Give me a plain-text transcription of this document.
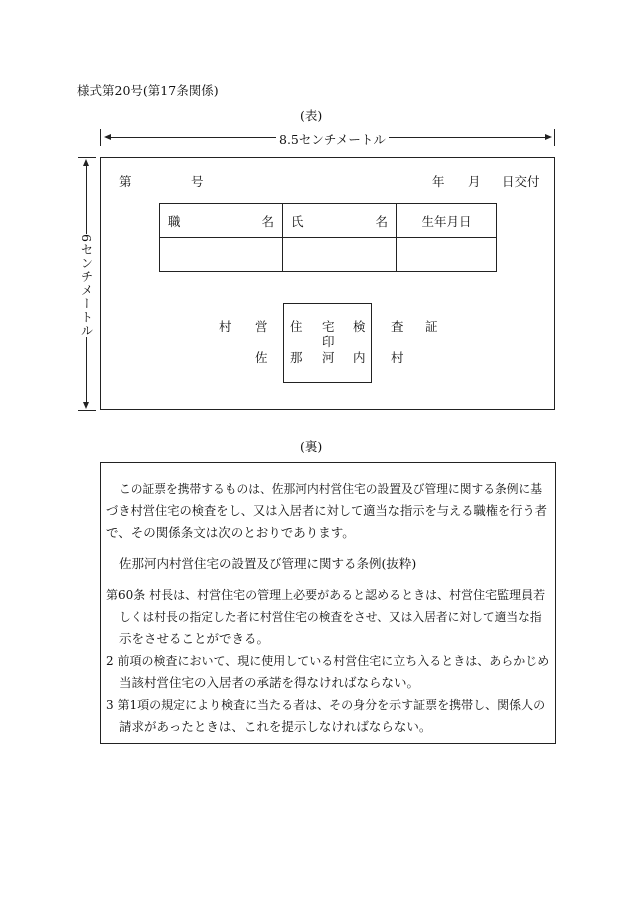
様式第20号(第17条関係)
(表)
8.5センチメートル
6センチメートル
第	号	年 月 日交付
職 名	氏 名	生年月日

村 営 住 宅 検 査 証
印
佐 那 河 内 村
(裏)
この証票を携帯するものは、佐那河内村営住宅の設置及び管理に関する条例に基
づき村営住宅の検査をし、又は入居者に対して適当な指示を与える職権を行う者
で、その関係条文は次のとおりであります。
佐那河内村営住宅の設置及び管理に関する条例(抜粋)
第60条 村長は、村営住宅の管理上必要があると認めるときは、村営住宅監理員若
しくは村長の指定した者に村営住宅の検査をさせ、又は入居者に対して適当な指
示をさせることができる。
2 前項の検査において、現に使用している村営住宅に立ち入るときは、あらかじめ
当該村営住宅の入居者の承諾を得なければならない。
3 第1項の規定により検査に当たる者は、その身分を示す証票を携帯し、関係人の
請求があったときは、これを提示しなければならない。
